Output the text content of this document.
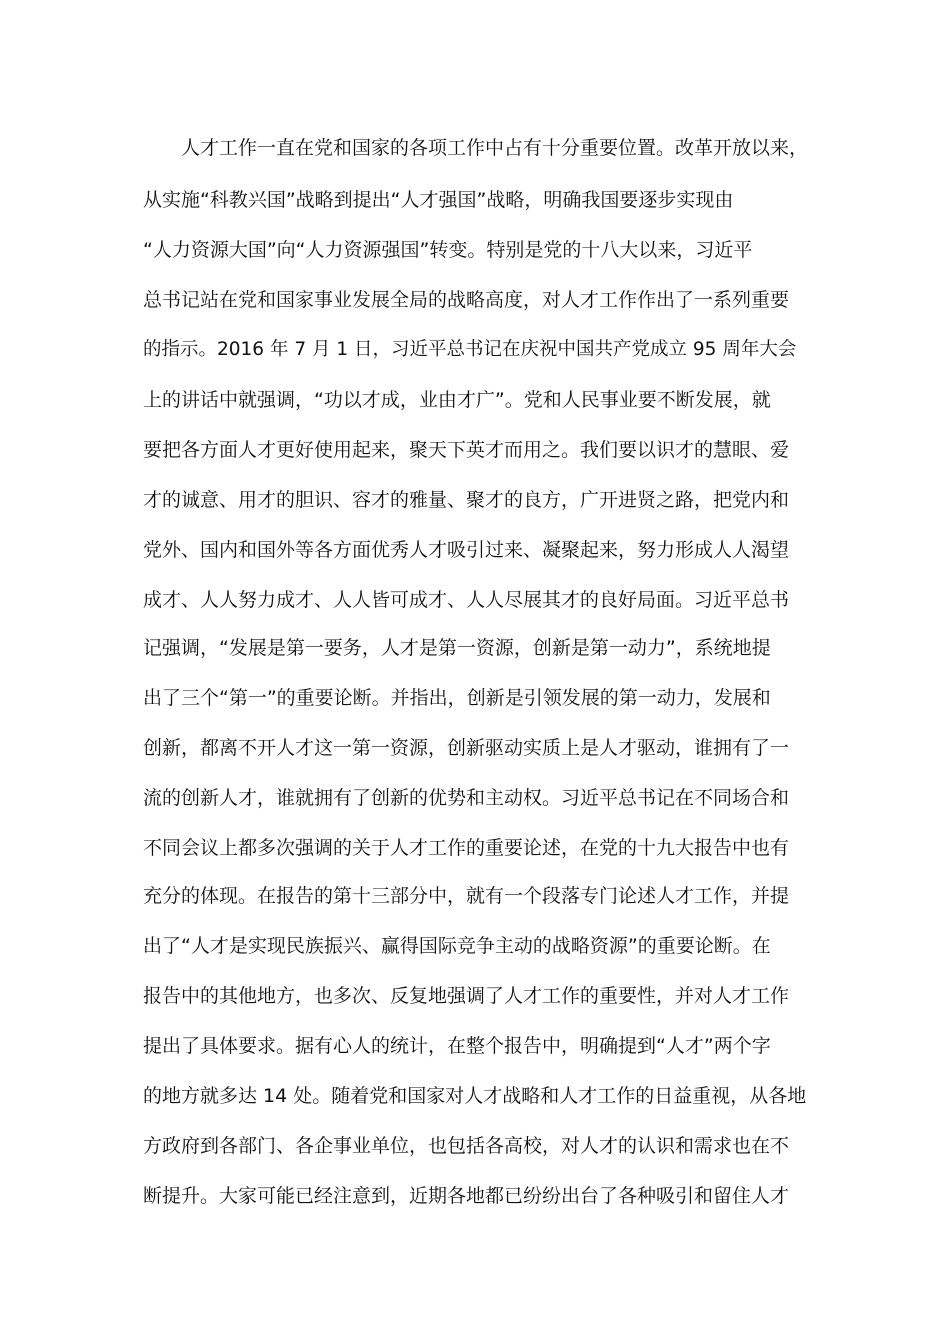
人才工作一直在党和国家的各项工作中占有十分重要位置。改革开放以来，
从实施“科教兴国”战略到提出“人才强国”战略，明确我国要逐步实现由
“人力资源大国”向“人力资源强国”转变。特别是党的十八大以来，习近平
总书记站在党和国家事业发展全局的战略高度，对人才工作作出了一系列重要
的指示。2016 年 7 月 1 日，习近平总书记在庆祝中国共产党成立 95 周年大会
上的讲话中就强调，“功以才成，业由才广”。党和人民事业要不断发展，就
要把各方面人才更好使用起来，聚天下英才而用之。我们要以识才的慧眼、爱
才的诚意、用才的胆识、容才的雅量、聚才的良方，广开进贤之路，把党内和
党外、国内和国外等各方面优秀人才吸引过来、凝聚起来，努力形成人人渴望
成才、人人努力成才、人人皆可成才、人人尽展其才的良好局面。习近平总书
记强调，“发展是第一要务，人才是第一资源，创新是第一动力”，系统地提
出了三个“第一”的重要论断。并指出，创新是引领发展的第一动力，发展和
创新，都离不开人才这一第一资源，创新驱动实质上是人才驱动，谁拥有了一
流的创新人才，谁就拥有了创新的优势和主动权。习近平总书记在不同场合和
不同会议上都多次强调的关于人才工作的重要论述，在党的十九大报告中也有
充分的体现。在报告的第十三部分中，就有一个段落专门论述人才工作，并提
出了“人才是实现民族振兴、赢得国际竞争主动的战略资源”的重要论断。在
报告中的其他地方，也多次、反复地强调了人才工作的重要性，并对人才工作
提出了具体要求。据有心人的统计，在整个报告中，明确提到“人才”两个字
的地方就多达 14 处。随着党和国家对人才战略和人才工作的日益重视，从各地
方政府到各部门、各企事业单位，也包括各高校，对人才的认识和需求也在不
断提升。大家可能已经注意到，近期各地都已纷纷出台了各种吸引和留住人才
